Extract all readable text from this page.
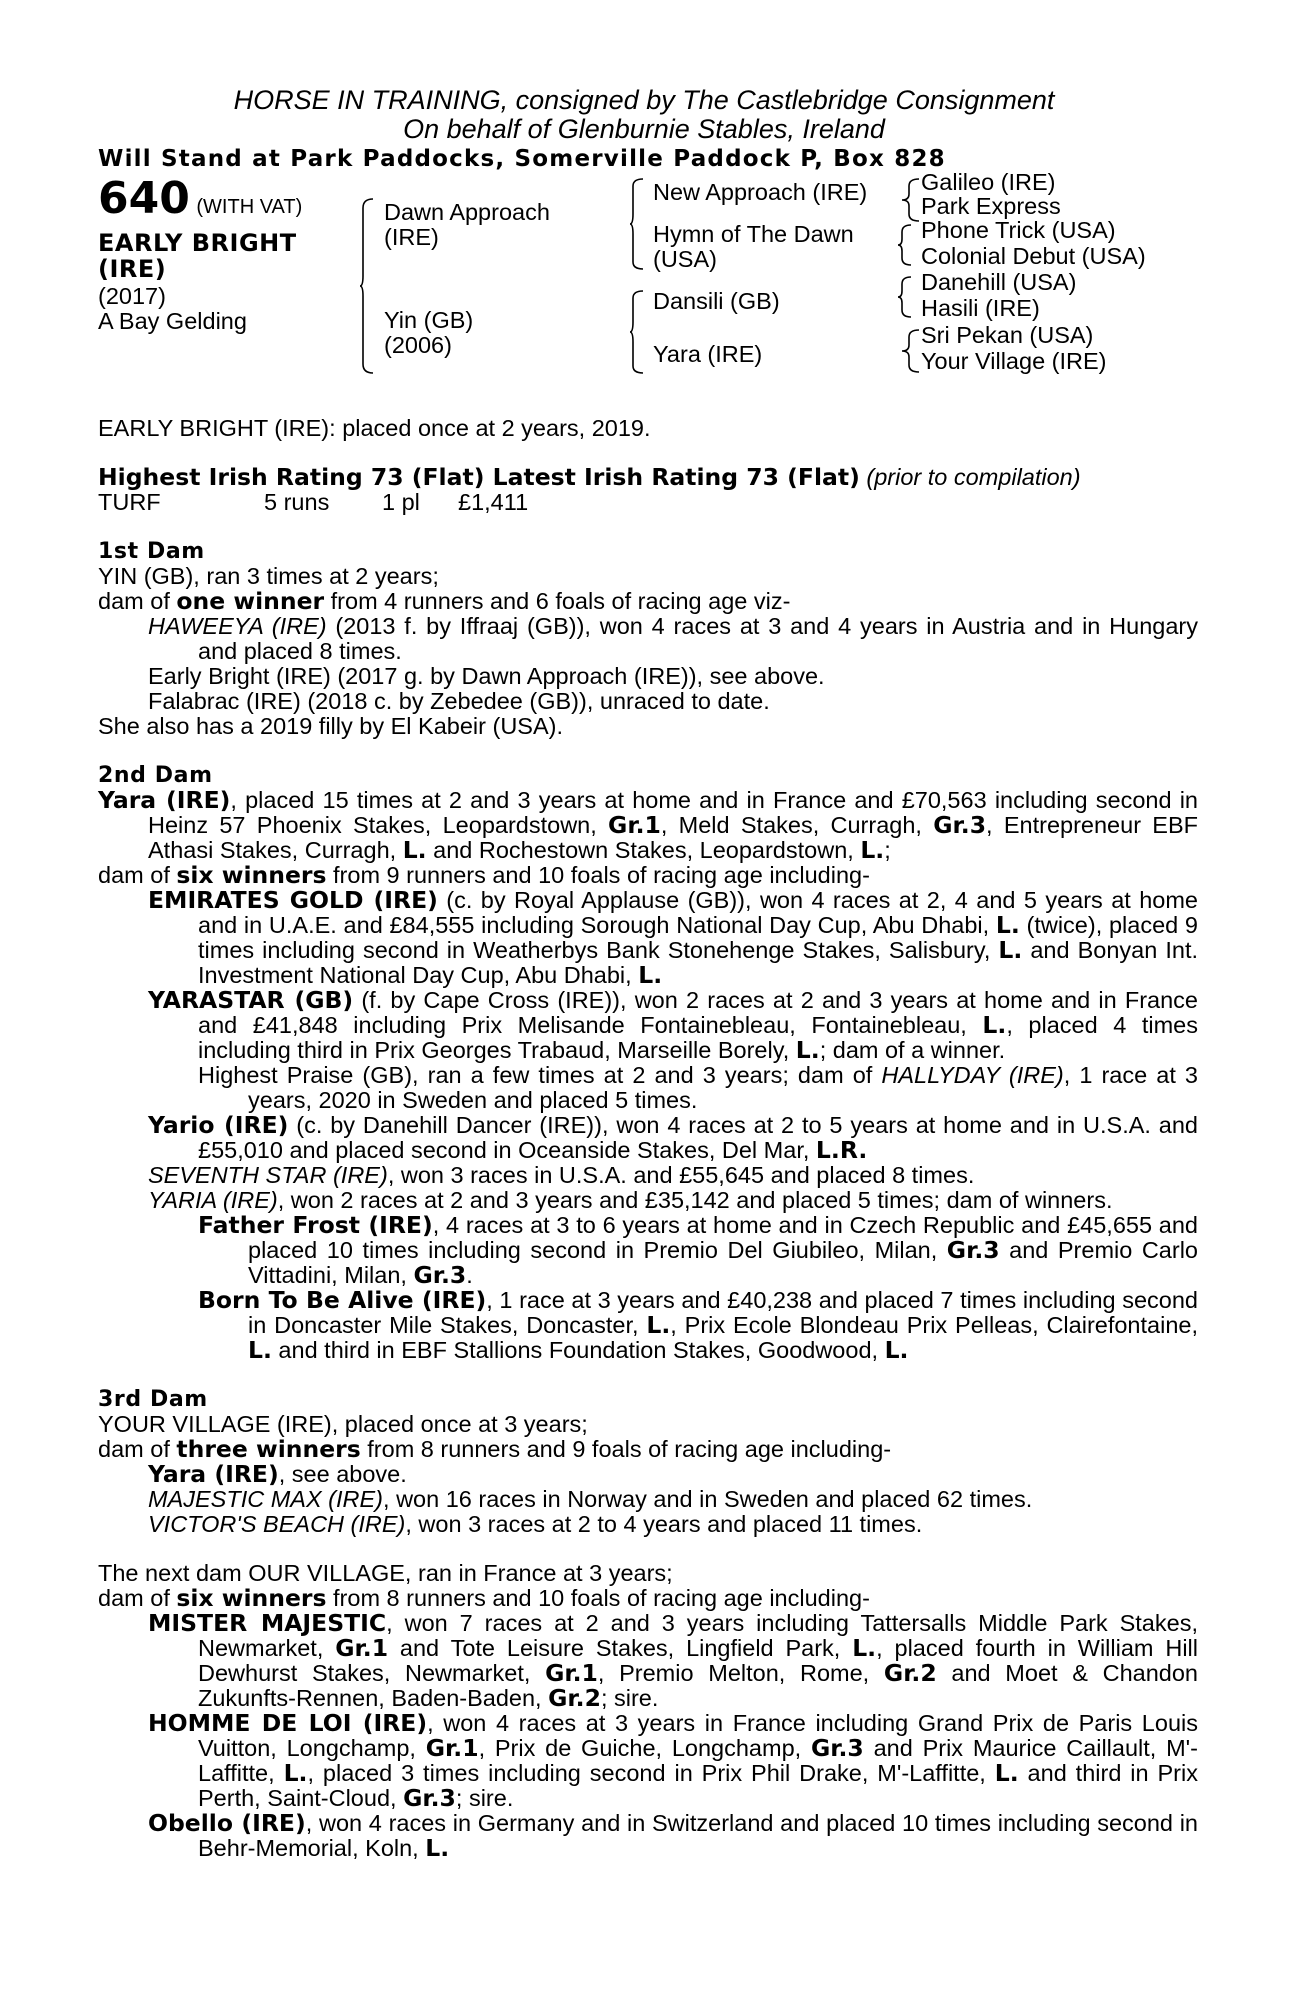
HORSE IN TRAINING, consigned by The Castlebridge Consignment
On behalf of Glenburnie Stables, Ireland
Will Stand at Park Paddocks, Somerville Paddock P, Box 828
640 (WITH VAT)
EARLY BRIGHT
(IRE)
(2017)
A Bay Gelding
Dawn Approach
(IRE)
Yin (GB)
(2006)
New Approach (IRE)
Hymn of The Dawn
(USA)
Dansili (GB)
Yara (IRE)
Galileo (IRE)
Park Express
Phone Trick (USA)
Colonial Debut (USA)
Danehill (USA)
Hasili (IRE)
Sri Pekan (USA)
Your Village (IRE)

EARLY BRIGHT (IRE): placed once at 2 years, 2019.

Highest Irish Rating 73 (Flat) Latest Irish Rating 73 (Flat) (prior to compilation)

TURF	5 runs 1 pl £1,411

1st Dam

YIN (GB), ran 3 times at 2 years;

dam of one winner from 4 runners and 6 foals of racing age viz-

HAWEEYA (IRE) (2013 f. by Iffraaj (GB)), won 4 races at 3 and 4 years in Austria and in Hungary and placed 8 times.

Early Bright (IRE) (2017 g. by Dawn Approach (IRE)), see above.

Falabrac (IRE) (2018 c. by Zebedee (GB)), unraced to date.

She also has a 2019 filly by El Kabeir (USA).

2nd Dam

Yara (IRE), placed 15 times at 2 and 3 years at home and in France and £70,563 including second in Heinz 57 Phoenix Stakes, Leopardstown, Gr.1, Meld Stakes, Curragh, Gr.3, Entrepreneur EBF Athasi Stakes, Curragh, L. and Rochestown Stakes, Leopardstown, L.;

dam of six winners from 9 runners and 10 foals of racing age including-

EMIRATES GOLD (IRE) (c. by Royal Applause (GB)), won 4 races at 2, 4 and 5 years at home and in U.A.E. and £84,555 including Sorough National Day Cup, Abu Dhabi, L. (twice), placed 9 times including second in Weatherbys Bank Stonehenge Stakes, Salisbury, L. and Bonyan Int. Investment National Day Cup, Abu Dhabi, L.

YARASTAR (GB) (f. by Cape Cross (IRE)), won 2 races at 2 and 3 years at home and in France and £41,848 including Prix Melisande Fontainebleau, Fontainebleau, L., placed 4 times including third in Prix Georges Trabaud, Marseille Borely, L.; dam of a winner.

Highest Praise (GB), ran a few times at 2 and 3 years; dam of HALLYDAY (IRE), 1 race at 3 years, 2020 in Sweden and placed 5 times.

Yario (IRE) (c. by Danehill Dancer (IRE)), won 4 races at 2 to 5 years at home and in U.S.A. and £55,010 and placed second in Oceanside Stakes, Del Mar, L.R.

SEVENTH STAR (IRE), won 3 races in U.S.A. and £55,645 and placed 8 times.

YARIA (IRE), won 2 races at 2 and 3 years and £35,142 and placed 5 times; dam of winners.

Father Frost (IRE), 4 races at 3 to 6 years at home and in Czech Republic and £45,655 and placed 10 times including second in Premio Del Giubileo, Milan, Gr.3 and Premio Carlo Vittadini, Milan, Gr.3.

Born To Be Alive (IRE), 1 race at 3 years and £40,238 and placed 7 times including second in Doncaster Mile Stakes, Doncaster, L., Prix Ecole Blondeau Prix Pelleas, Clairefontaine, L. and third in EBF Stallions Foundation Stakes, Goodwood, L.

3rd Dam

YOUR VILLAGE (IRE), placed once at 3 years;

dam of three winners from 8 runners and 9 foals of racing age including-

Yara (IRE), see above.

MAJESTIC MAX (IRE), won 16 races in Norway and in Sweden and placed 62 times.

VICTOR'S BEACH (IRE), won 3 races at 2 to 4 years and placed 11 times.

The next dam OUR VILLAGE, ran in France at 3 years;

dam of six winners from 8 runners and 10 foals of racing age including-

MISTER MAJESTIC, won 7 races at 2 and 3 years including Tattersalls Middle Park Stakes, Newmarket, Gr.1 and Tote Leisure Stakes, Lingfield Park, L., placed fourth in William Hill Dewhurst Stakes, Newmarket, Gr.1, Premio Melton, Rome, Gr.2 and Moet & Chandon Zukunfts-Rennen, Baden-Baden, Gr.2; sire.

HOMME DE LOI (IRE), won 4 races at 3 years in France including Grand Prix de Paris Louis Vuitton, Longchamp, Gr.1, Prix de Guiche, Longchamp, Gr.3 and Prix Maurice Caillault, M'-Laffitte, L., placed 3 times including second in Prix Phil Drake, M'-Laffitte, L. and third in Prix Perth, Saint-Cloud, Gr.3; sire.

Obello (IRE), won 4 races in Germany and in Switzerland and placed 10 times including second in Behr-Memorial, Koln, L.
